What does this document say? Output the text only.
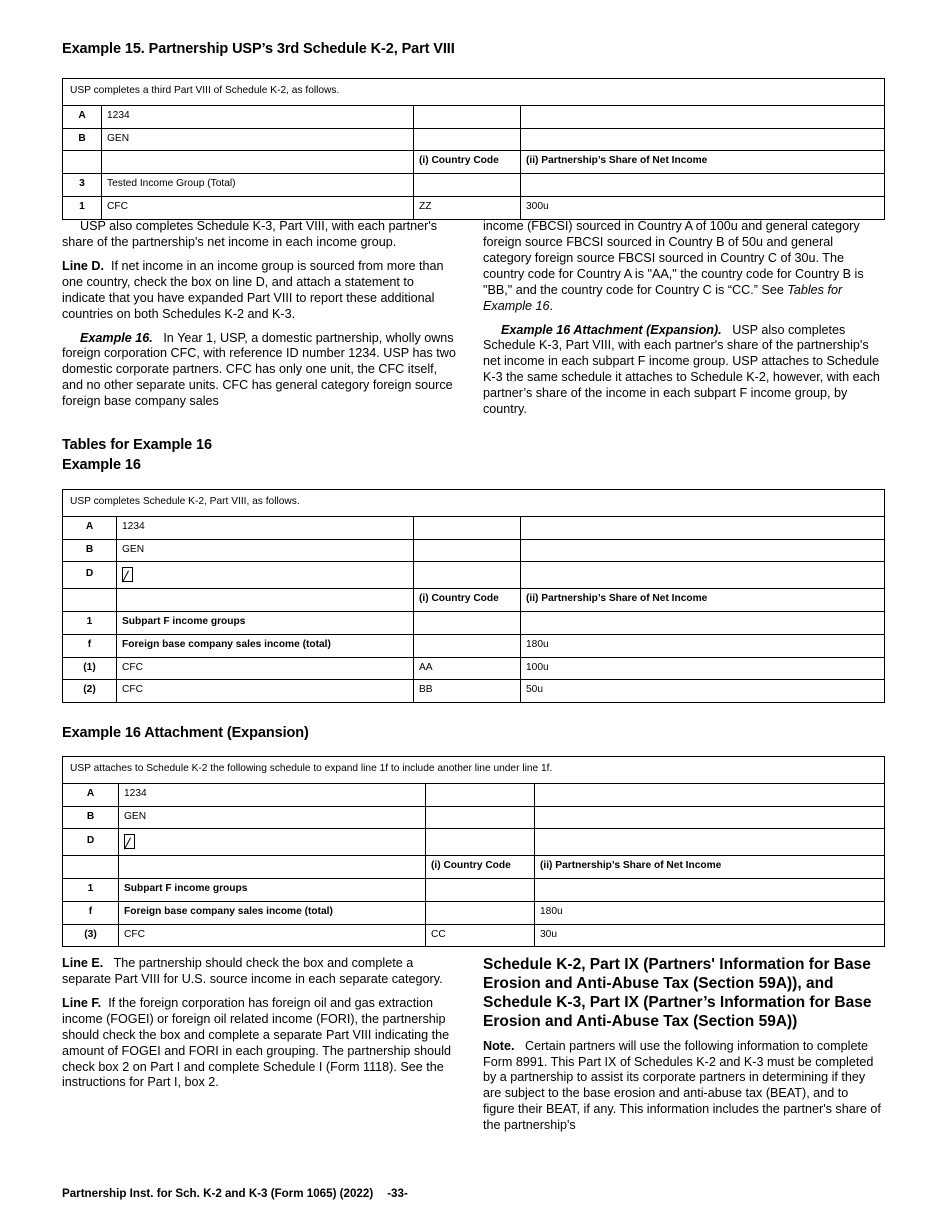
Example 15. Partnership USP’s 3rd Schedule K-2, Part VIII
USP completes a third Part VIII of Schedule K-2, as follows.			
A	1234		
B	GEN		
		(i) Country Code	(ii) Partnership’s Share of Net Income
3	Tested Income Group (Total)		
1	CFC	ZZ	300u

USP also completes Schedule K-3, Part VIII, with each partner's share of the partnership's net income in each income group.

Line D. If net income in an income group is sourced from more than one country, check the box on line D, and attach a statement to indicate that you have expanded Part VIII to report these additional countries on both Schedules K-2 and K-3.

Example 16. In Year 1, USP, a domestic partnership, wholly owns foreign corporation CFC, with reference ID number 1234. USP has two domestic corporate partners. CFC has only one unit, the CFC itself, and no other separate units. CFC has general category foreign source foreign base company sales

income (FBCSI) sourced in Country A of 100u and general category foreign source FBCSI sourced in Country B of 50u and general category foreign source FBCSI sourced in Country C of 30u. The country code for Country A is "AA," the country code for Country B is "BB," and the country code for Country C is “CC.” See Tables for Example 16.

Example 16 Attachment (Expansion). USP also completes Schedule K-3, Part VIII, with each partner's share of the partnership's net income in each subpart F income group. USP attaches to Schedule K-3 the same schedule it attaches to Schedule K-2, however, with each partner’s share of the income in each subpart F income group, by country.

Tables for Example 16
Example 16
USP completes Schedule K-2, Part VIII, as follows.			
A	1234		
B	GEN		
D			
		(i) Country Code	(ii) Partnership’s Share of Net Income
1	Subpart F income groups		
f	Foreign base company sales income (total)		180u
(1)	CFC	AA	100u
(2)	CFC	BB	50u
Example 16 Attachment (Expansion)
USP attaches to Schedule K-2 the following schedule to expand line 1f to include another line under line 1f.			
A	1234		
B	GEN		
D			
		(i) Country Code	(ii) Partnership’s Share of Net Income
1	Subpart F income groups		
f	Foreign base company sales income (total)		180u
(3)	CFC	CC	30u

Line E. The partnership should check the box and complete a separate Part VIII for U.S. source income in each separate category.

Line F. If the foreign corporation has foreign oil and gas extraction income (FOGEI) or foreign oil related income (FORI), the partnership should check the box and complete a separate Part VIII indicating the amount of FOGEI and FORI in each grouping. The partnership should check box 2 on Part I and complete Schedule I (Form 1118). See the instructions for Part I, box 2.

Schedule K-2, Part IX (Partners' Information for Base Erosion and Anti-Abuse Tax (Section 59A)), and Schedule K-3, Part IX (Partner’s Information for Base Erosion and Anti-Abuse Tax (Section 59A))

Note. Certain partners will use the following information to complete Form 8991. This Part IX of Schedules K-2 and K-3 must be completed by a partnership to assist its corporate partners in determining if they are subject to the base erosion and anti-abuse tax (BEAT), and to figure their BEAT, if any. This information includes the partner's share of the partnership's

Partnership Inst. for Sch. K-2 and K-3 (Form 1065) (2022) -33-
